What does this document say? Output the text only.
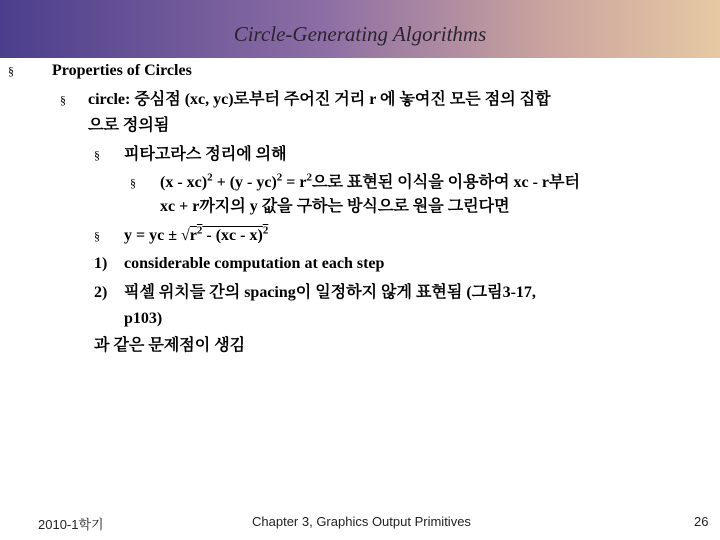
Circle-Generating Algorithms
§ Properties of Circles
§ circle: 중심점 (xc, yc)로부터 주어진 거리 r 에 놓여진 모든 점의 집합
으로 정의됨
§ 피타고라스 정리에 의해
§ $(x - xc)^2 + (y - yc)^2 = r^2$으로 표현된 이식을 이용하여 xc - r부터
xc + r까지의 y 값을 구하는 방식으로 원을 그린다면
§ y = yc ± $√r^2 - (xc - x)^2$
1) considerable computation at each step
2) 픽셀 위치들 간의 spacing이 일정하지 않게 표현됨 (그림3-17,
p103)
과 같은 문제점이 생김
2010-1학기	Chapter 3, Graphics Output Primitives	26
